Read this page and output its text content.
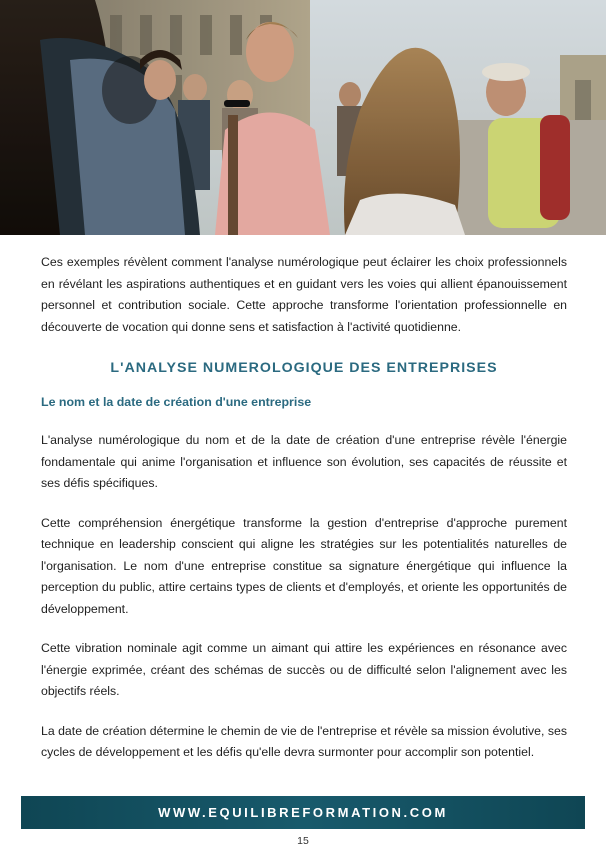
Ces exemples révèlent comment l'analyse numérologique peut éclairer les choix professionnels en révélant les aspirations authentiques et en guidant vers les voies qui allient épanouissement personnel et contribution sociale. Cette approche transforme l'orientation professionnelle en découverte de vocation qui donne sens et satisfaction à l'activité quotidienne.

L'ANALYSE NUMEROLOGIQUE DES ENTREPRISES
Le nom et la date de création d'une entreprise

L'analyse numérologique du nom et de la date de création d'une entreprise révèle l'énergie fondamentale qui anime l'organisation et influence son évolution, ses capacités de réussite et ses défis spécifiques.

Cette compréhension énergétique transforme la gestion d'entreprise d'approche purement technique en leadership conscient qui aligne les stratégies sur les potentialités naturelles de l'organisation. Le nom d'une entreprise constitue sa signature énergétique qui influence la perception du public, attire certains types de clients et d'employés, et oriente les opportunités de développement.

Cette vibration nominale agit comme un aimant qui attire les expériences en résonance avec l'énergie exprimée, créant des schémas de succès ou de difficulté selon l'alignement avec les objectifs réels.

La date de création détermine le chemin de vie de l'entreprise et révèle sa mission évolutive, ses cycles de développement et les défis qu'elle devra surmonter pour accomplir son potentiel.

WWW.EQUILIBREFORMATION.COM
15
